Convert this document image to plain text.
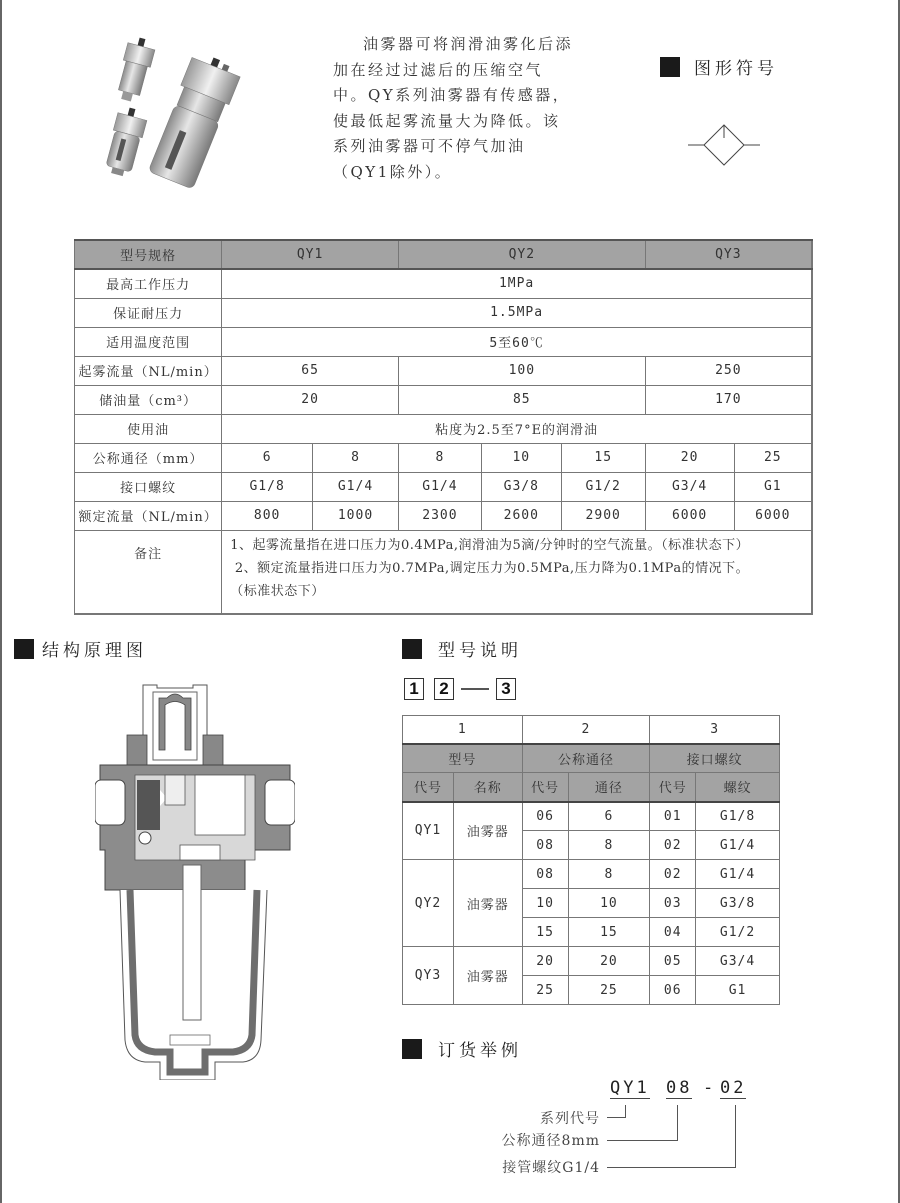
油雾器可将润滑油雾化后添加在经过过滤后的压缩空气中。QY系列油雾器有传感器，使最低起雾流量大为降低。该系列油雾器可不停气加油（QY1除外）。

图形符号
型号规格	QY1		QY2			QY3	
最高工作压力	1MPa						
保证耐压力	1.5MPa						
适用温度范围	5至60℃						
起雾流量（NL/min）	65		100			250	
储油量（cm³）	20		85			170	
使用油	粘度为2.5至7°E的润滑油						
公称通径（mm）	6	8	8	10	15	20	25
接口螺纹	G1/8	G1/4	G1/4	G3/8	G1/2	G3/4	G1
额定流量（NL/min）	800	1000	2300	2600	2900	6000	6000
备注	1、起雾流量指在进口压力为0.4MPa,润滑油为5滴/分钟时的空气流量。（标准状态下）
2、额定流量指进口压力为0.7MPa,调定压力为0.5MPa,压力降为0.1MPa的情况下。
（标准状态下）						
结构原理图	型号说明
1	2	3
1		2		3	
型号		公称通径		接口螺纹	
代号	名称	代号	通径	代号	螺纹
QY1	油雾器	06	6	01	G1/8
		08	8	02	G1/4
QY2	油雾器	08	8	02	G1/4
		10	10	03	G3/8
		15	15	04	G1/2
QY3	油雾器	20	20	05	G3/4
		25	25	06	G1
订货举例
QY1 08 - 02
系列代号
公称通径8mm
接管螺纹G1/4
